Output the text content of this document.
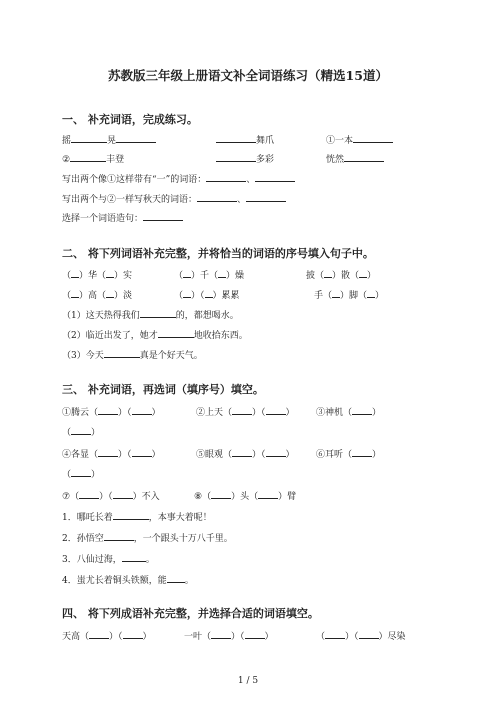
苏教版三年级上册语文补全词语练习（精选15道）
一、 补充词语，完成练习。
摇	晃	舞爪	①一本
②	丰登	多彩	恍然
写出两个像①这样带有“一”的词语：	、
写出两个与②一样写秋天的词语：	、
选择一个词语造句：
二、 将下列词语补充完整，并将恰当的词语的序号填入句子中。
（ ）华（ ）实	（ ）千（ ）燥	披（ ）散（ ）
（ ）高（ ）淡	（ ）（ ）累累	手（ ）脚（ ）
（1）这天热得我们	的，都想喝水。
（2）临近出发了，她才	地收拾东西。
（3）今天	真是个好天气。
三、 补充词语，再选词（填序号）填空。
①腾云（ ）（ ）	②上天（ ）（ ） ③神机（ ）
（ ）
④各显（ ）（ ）	⑤眼观（ ）（ ） ⑥耳听（ ）
（ ）
⑦（ ）（ ）不入	⑧（ ）头（ ）臂
1．哪吒长着	，本事大着呢！
2．孙悟空	，一个跟头十万八千里。
3．八仙过海，	。
4．蚩尤长着铜头铁额，能 。
四、 将下列成语补充完整，并选择合适的词语填空。
天高（ ）（ ）	一叶（ ）（ ）	（ ）（ ）尽染
1 / 5
